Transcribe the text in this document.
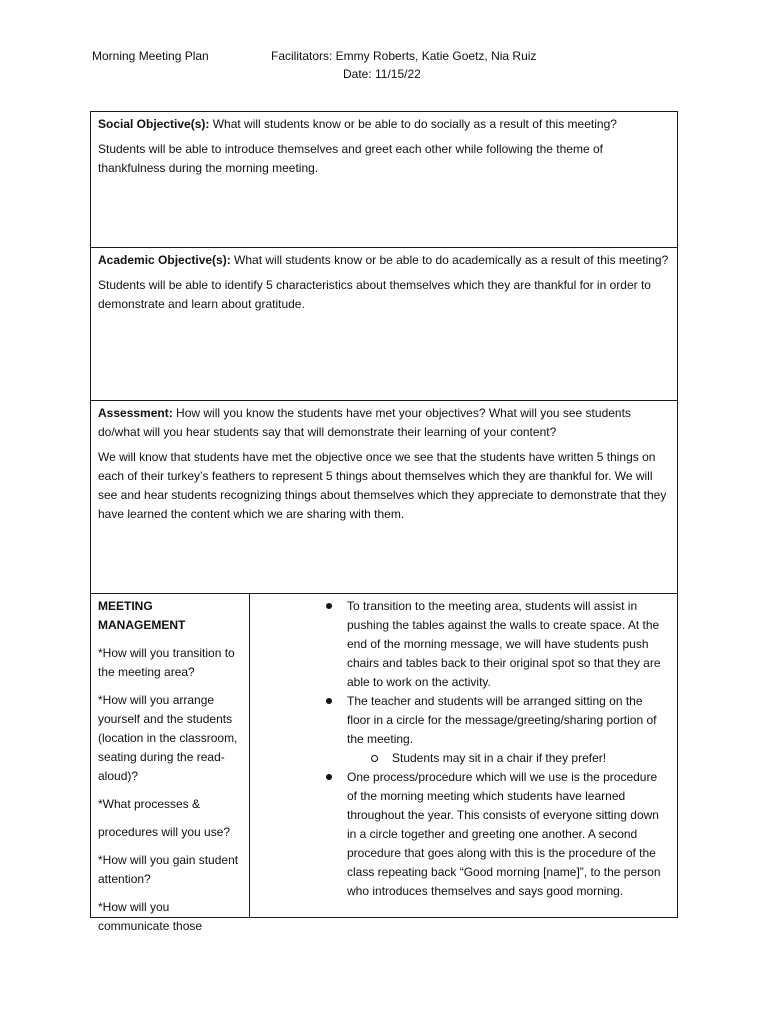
Morning Meeting Plan	Facilitators: Emmy Roberts, Katie Goetz, Nia Ruiz
Date: 11/15/22

Social Objective(s): What will students know or be able to do socially as a result of this meeting?

Students will be able to introduce themselves and greet each other while following the theme of thankfulness during the morning meeting.

Academic Objective(s): What will students know or be able to do academically as a result of this meeting?

Students will be able to identify 5 characteristics about themselves which they are thankful for in order to demonstrate and learn about gratitude.

Assessment: How will you know the students have met your objectives? What will you see students do/what will you hear students say that will demonstrate their learning of your content?

We will know that students have met the objective once we see that the students have written 5 things on each of their turkey’s feathers to represent 5 things about themselves which they are thankful for. We will see and hear students recognizing things about themselves which they appreciate to demonstrate that they have learned the content which we are sharing with them.

MEETING MANAGEMENT

*How will you transition to the meeting area?

*How will you arrange yourself and the students (location in the classroom, seating during the read-aloud)?

*What processes &

procedures will you use?

*How will you gain student attention?

*How will you communicate those

To transition to the meeting area, students will assist in pushing the tables against the walls to create space. At the end of the morning message, we will have students push chairs and tables back to their original spot so that they are able to work on the activity.
The teacher and students will be arranged sitting on the floor in a circle for the message/greeting/sharing portion of the meeting.
Students may sit in a chair if they prefer!
One process/procedure which will we use is the procedure of the morning meeting which students have learned throughout the year. This consists of everyone sitting down in a circle together and greeting one another. A second procedure that goes along with this is the procedure of the class repeating back “Good morning [name]”, to the person who introduces themselves and says good morning.
